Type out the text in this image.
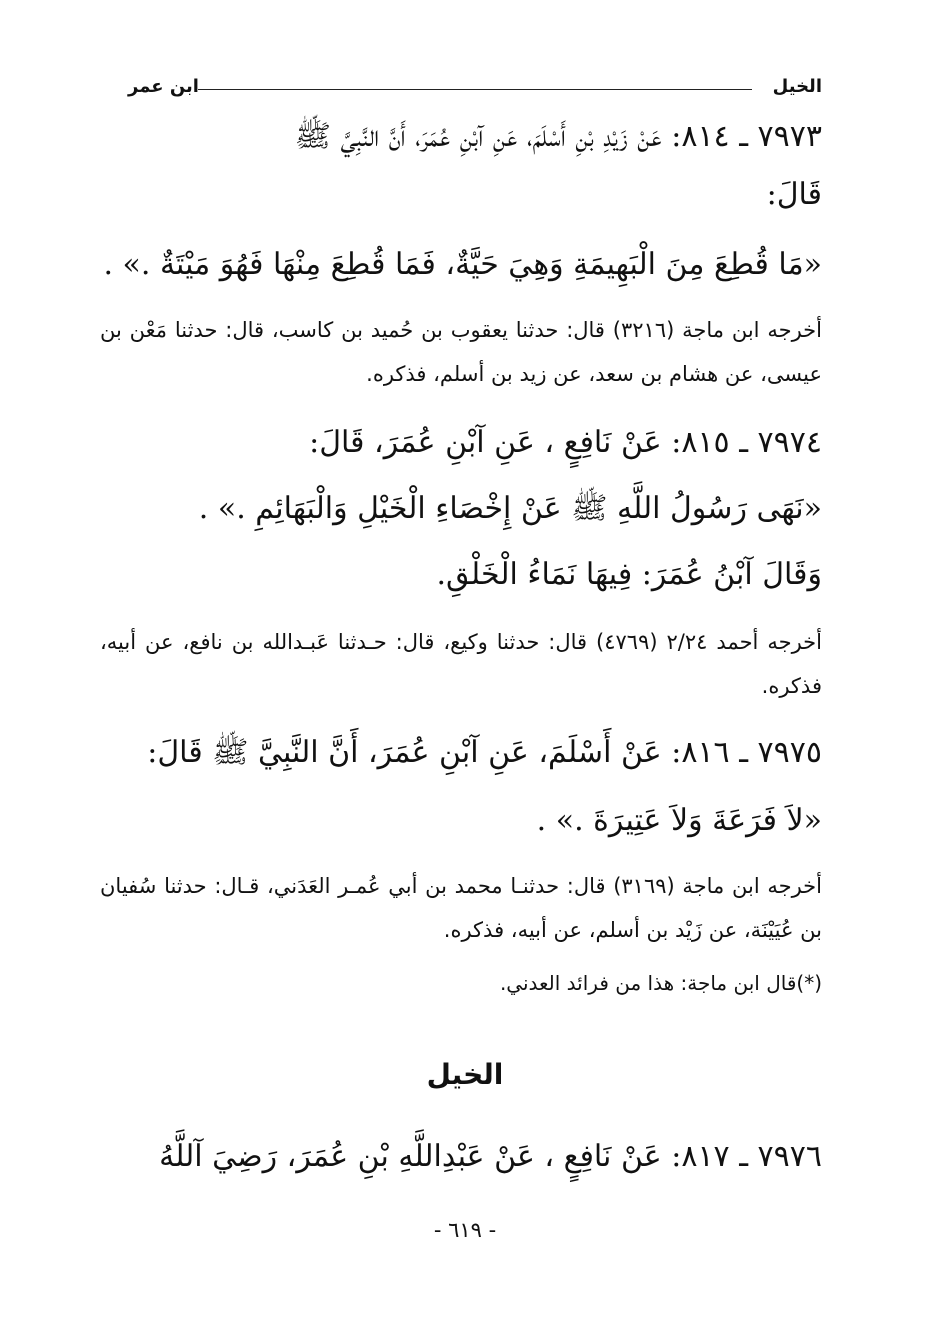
الخيل
ابن عمر
٧٩٧٣ ـ ٨١٤: عَنْ زَيْدِ بْنِ أَسْلَمَ، عَنِ آبْنِ عُمَرَ، أَنَّ النَّبِيَّ ﷺ
قَالَ:
«مَا قُطِعَ مِنَ الْبَهِيمَةِ وَهِيَ حَيَّةٌ، فَمَا قُطِعَ مِنْهَا فَهُوَ مَيْتَةٌ .» .
أخرجه ابن ماجة (٣٢١٦) قال: حدثنا يعقوب بن حُميد بن كاسب، قال: حدثنا مَعْن بن عيسى، عن هشام بن سعد، عن زيد بن أسلم، فذكره.
٧٩٧٤ ـ ٨١٥: عَنْ نَافِعٍ ، عَنِ آبْنِ عُمَرَ، قَالَ:
«نَهَى رَسُولُ اللَّهِ ﷺ عَنْ إِخْصَاءِ الْخَيْلِ وَالْبَهَائِمِ .» .
وَقَالَ آبْنُ عُمَرَ: فِيهَا نَمَاءُ الْخَلْقِ.
أخرجه أحمد ٢/٢٤ (٤٧٦٩) قال: حدثنا وكيع، قال: حـدثنا عَبـدالله بن نافع، عن أبيه، فذكره.
٧٩٧٥ ـ ٨١٦: عَنْ أَسْلَمَ، عَنِ آبْنِ عُمَرَ، أَنَّ النَّبِيَّ ﷺ قَالَ:
«لاَ فَرَعَةَ وَلاَ عَتِيرَةَ .» .
أخرجه ابن ماجة (٣١٦٩) قال: حدثنـا محمد بن أبي عُمـر العَدَني، قـال: حدثنا سُفيان بن عُيَيْنَة، عن زَيْد بن أسلم، عن أبيه، فذكره.
(*)قال ابن ماجة: هذا من فرائد العدني.
الخيل
٧٩٧٦ ـ ٨١٧: عَنْ نَافِعٍ ، عَنْ عَبْدِاللَّهِ بْنِ عُمَرَ، رَضِيَ آللَّهُ
- ٦١٩ -
